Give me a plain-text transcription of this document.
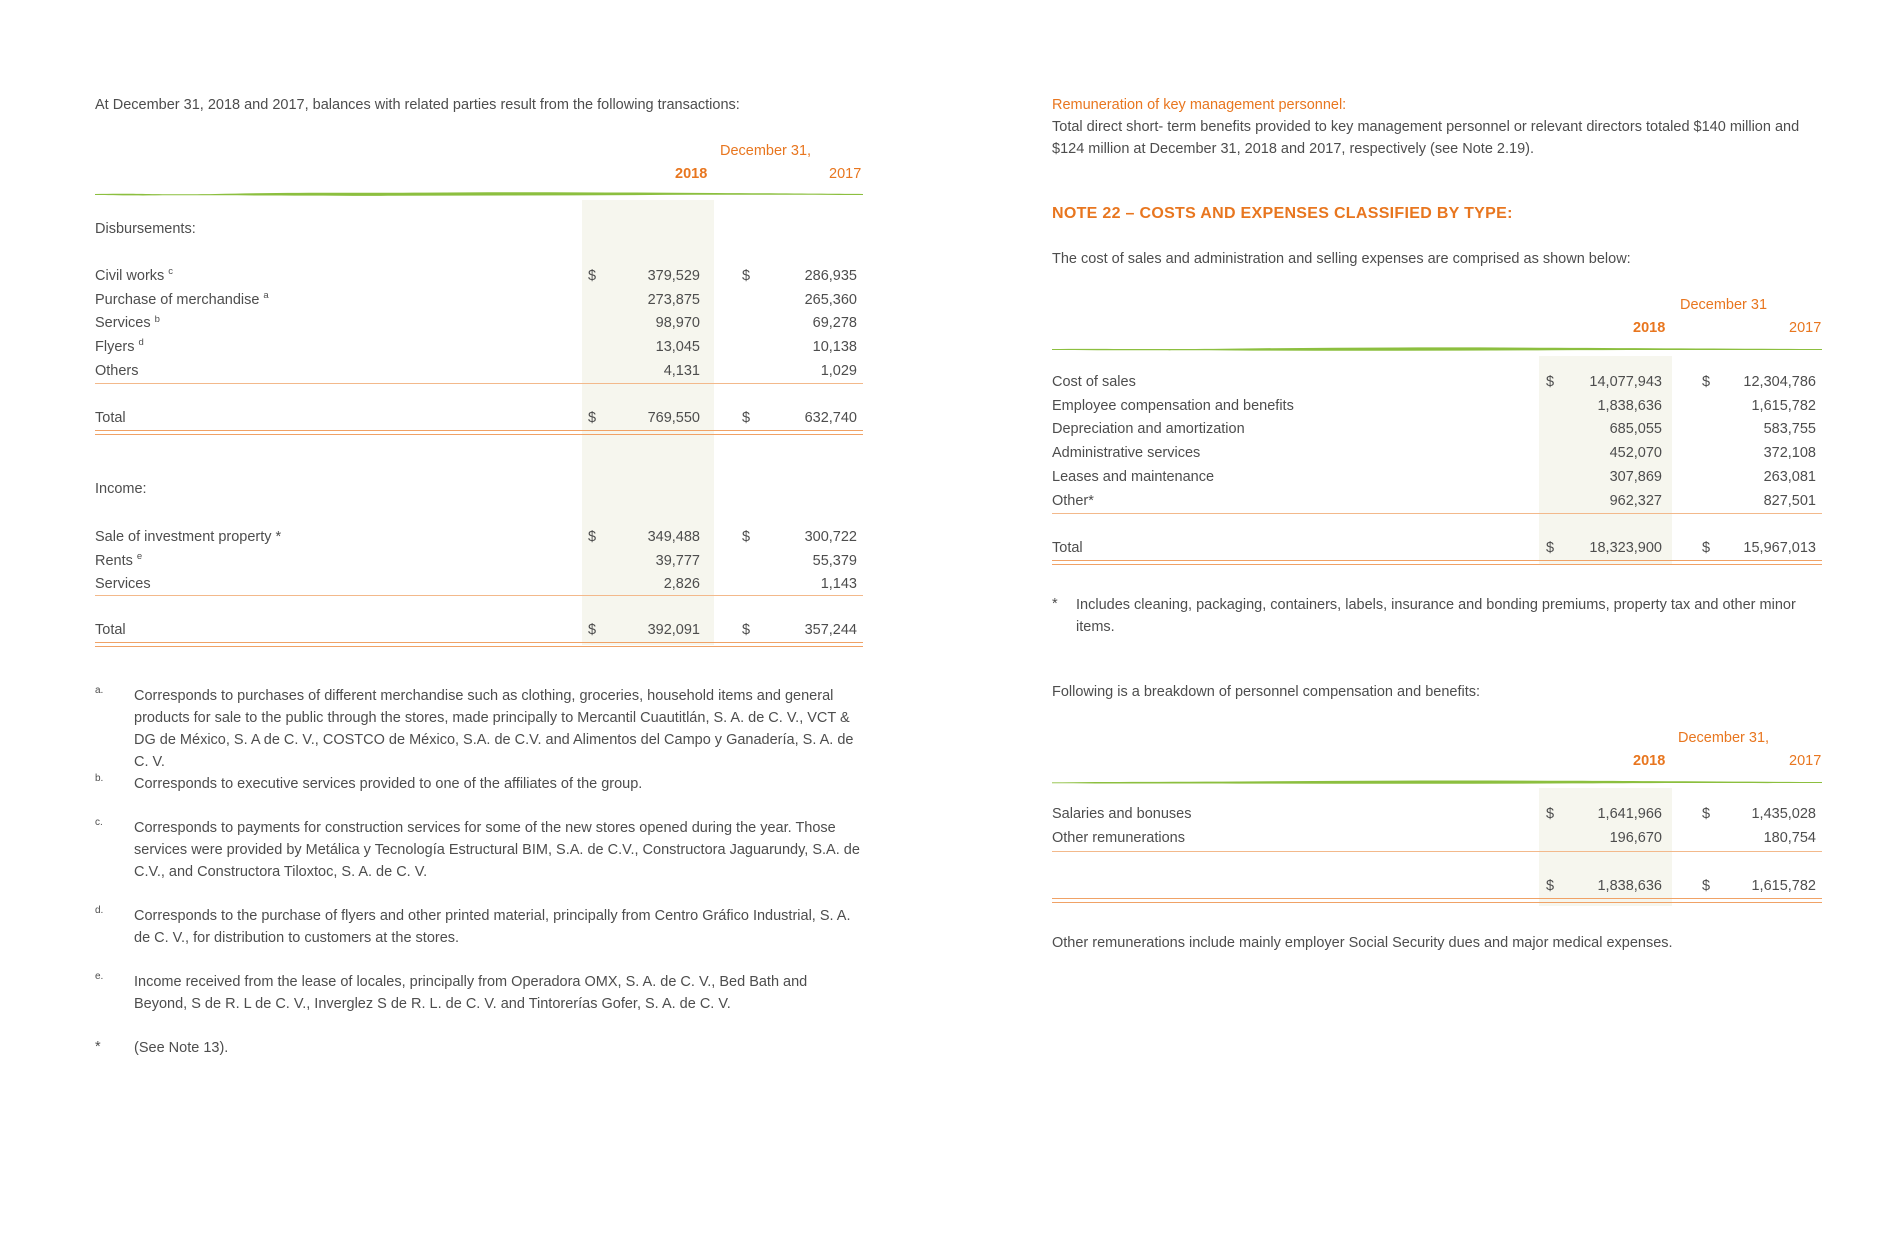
At December 31, 2018 and 2017, balances with related parties result from the following transactions:
December 31,
2018	2017
Disbursements:
Civil works $^c$	$	379,529	$	286,935
Purchase of merchandise $^a$	273,875	265,360
Services $^b$	98,970	69,278
Flyers $^d$	13,045	10,138
Others	4,131	1,029
Total	$	769,550	$	632,740
Income:
Sale of investment property *	$	349,488	$	300,722
Rents $^e$	39,777	55,379
Services	2,826	1,143
Total	$	392,091	$	357,244
a. Corresponds to purchases of different merchandise such as clothing, groceries, household items and general products for sale to the public through the stores, made principally to Mercantil Cuautitlán, S. A. de C. V., VCT & DG de México, S. A de C. V., COSTCO de México, S.A. de C.V. and Alimentos del Campo y Ganadería, S. A. de C. V.
b. Corresponds to executive services provided to one of the affiliates of the group.
c. Corresponds to payments for construction services for some of the new stores opened during the year. Those services were provided by Metálica y Tecnología Estructural BIM, S.A. de C.V., Constructora Jaguarundy, S.A. de C.V., and Constructora Tiloxtoc, S. A. de C. V.
d. Corresponds to the purchase of flyers and other printed material, principally from Centro Gráfico Industrial, S. A. de C. V., for distribution to customers at the stores.
e. Income received from the lease of locales, principally from Operadora OMX, S. A. de C. V., Bed Bath and Beyond, S de R. L de C. V., Inverglez S de R. L. de C. V. and Tintorerías Gofer, S. A. de C. V.
* (See Note 13).
Remuneration of key management personnel:
Total direct short- term benefits provided to key management personnel or relevant directors totaled $140 million and $124 million at December 31, 2018 and 2017, respectively (see Note 2.19).
NOTE 22 – COSTS AND EXPENSES CLASSIFIED BY TYPE:
The cost of sales and administration and selling expenses are comprised as shown below:
December 31
2018	2017
Cost of sales	$ 14,077,943	$ 12,304,786
Employee compensation and benefits	1,838,636	1,615,782
Depreciation and amortization	685,055	583,755
Administrative services	452,070	372,108
Leases and maintenance	307,869	263,081
Other*	962,327	827,501
Total	$ 18,323,900	$ 15,967,013
* Includes cleaning, packaging, containers, labels, insurance and bonding premiums, property tax and other minor items.
Following is a breakdown of personnel compensation and benefits:
December 31,
2018	2017
Salaries and bonuses	$	1,641,966	$	1,435,028
Other remunerations	196,670	180,754
$	1,838,636	$	1,615,782
Other remunerations include mainly employer Social Security dues and major medical expenses.
